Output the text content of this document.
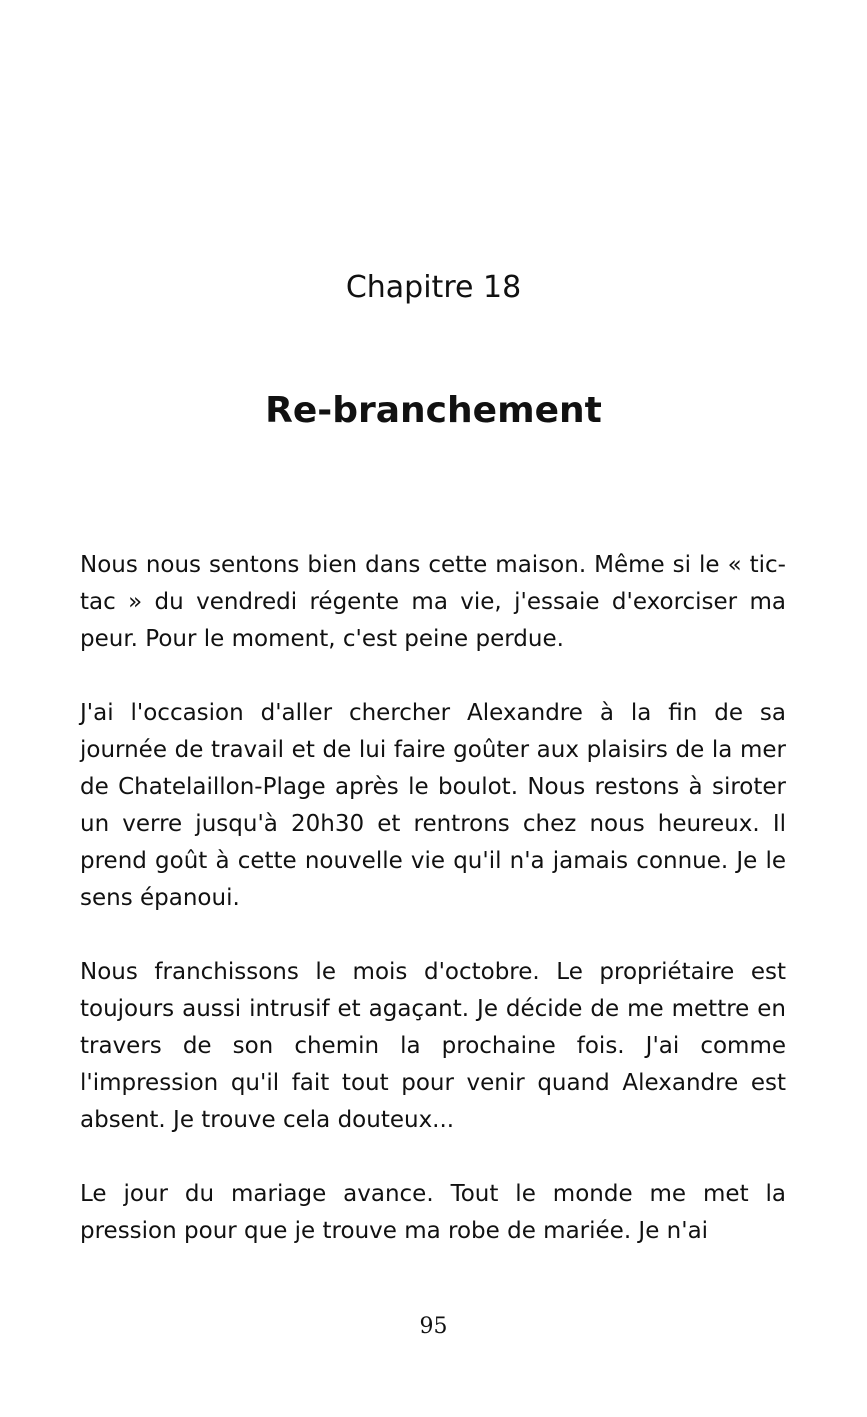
Chapitre 18
Re-branchement

Nous nous sentons bien dans cette maison. Même si le « tic-tac » du vendredi régente ma vie, j'essaie d'exorciser ma peur. Pour le moment, c'est peine perdue.

J'ai l'occasion d'aller chercher Alexandre à la fin de sa journée de travail et de lui faire goûter aux plaisirs de la mer de Chatelaillon-Plage après le boulot. Nous restons à siroter un verre jusqu'à 20h30 et rentrons chez nous heureux. Il prend goût à cette nouvelle vie qu'il n'a jamais connue. Je le sens épanoui.

Nous franchissons le mois d'octobre. Le propriétaire est toujours aussi intrusif et agaçant. Je décide de me mettre en travers de son chemin la prochaine fois. J'ai comme l'impression qu'il fait tout pour venir quand Alexandre est absent. Je trouve cela douteux...

Le jour du mariage avance. Tout le monde me met la pression pour que je trouve ma robe de mariée. Je n'ai

95
